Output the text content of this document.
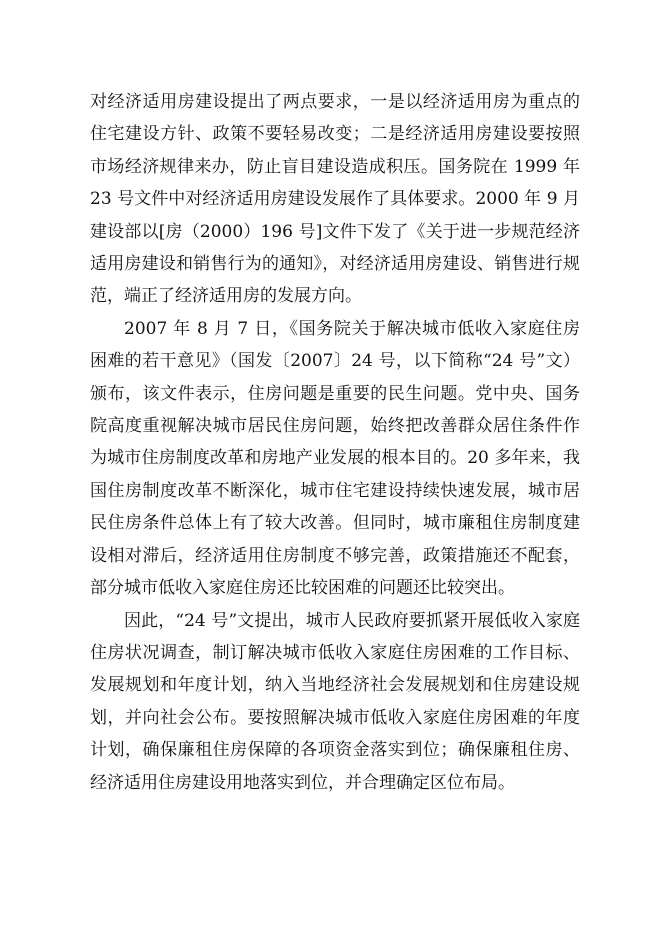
对经济适用房建设提出了两点要求，一是以经济适用房为重点的住宅建设方针、政策不要轻易改变；二是经济适用房建设要按照市场经济规律来办，防止盲目建设造成积压。国务院在 1999 年 23 号文件中对经济适用房建设发展作了具体要求。2000 年 9 月建设部以[房（2000）196 号]文件下发了《关于进一步规范经济适用房建设和销售行为的通知》，对经济适用房建设、销售进行规范，端正了经济适用房的发展方向。

2007 年 8 月 7 日，《国务院关于解决城市低收入家庭住房困难的若干意见》（国发〔2007〕24 号，以下简称“24 号”文）颁布，该文件表示，住房问题是重要的民生问题。党中央、国务院高度重视解决城市居民住房问题，始终把改善群众居住条件作为城市住房制度改革和房地产业发展的根本目的。20 多年来，我国住房制度改革不断深化，城市住宅建设持续快速发展，城市居民住房条件总体上有了较大改善。但同时，城市廉租住房制度建设相对滞后，经济适用住房制度不够完善，政策措施还不配套，部分城市低收入家庭住房还比较困难的问题还比较突出。

因此，“24 号”文提出，城市人民政府要抓紧开展低收入家庭住房状况调查，制订解决城市低收入家庭住房困难的工作目标、发展规划和年度计划，纳入当地经济社会发展规划和住房建设规划，并向社会公布。要按照解决城市低收入家庭住房困难的年度计划，确保廉租住房保障的各项资金落实到位；确保廉租住房、经济适用住房建设用地落实到位，并合理确定区位布局。
